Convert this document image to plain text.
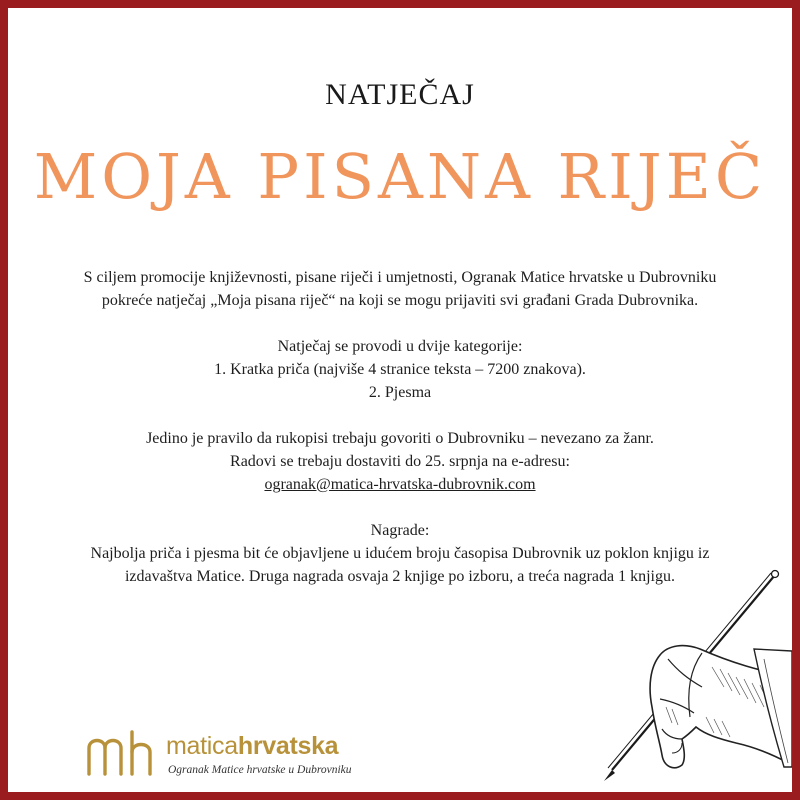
NATJEČAJ
MOJA PISANA RIJEČ

S ciljem promocije književnosti, pisane riječi i umjetnosti, Ogranak Matice hrvatske u Dubrovniku pokreće natječaj „Moja pisana riječ“ na koji se mogu prijaviti svi građani Grada Dubrovnika.

Natječaj se provodi u dvije kategorije:

1. Kratka priča (najviše 4 stranice teksta – 7200 znakova).

2. Pjesma

Jedino je pravilo da rukopisi trebaju govoriti o Dubrovniku – nevezano za žanr.

Radovi se trebaju dostaviti do 25. srpnja na e-adresu:

ogranak@matica-hrvatska-dubrovnik.com

Nagrade:

Najbolja priča i pjesma bit će objavljene u idućem broju časopisa Dubrovnik uz poklon knjigu iz izdavaštva Matice. Druga nagrada osvaja 2 knjige po izboru, a treća nagrada 1 knjigu.

maticahrvatska
Ogranak Matice hrvatske u Dubrovniku
